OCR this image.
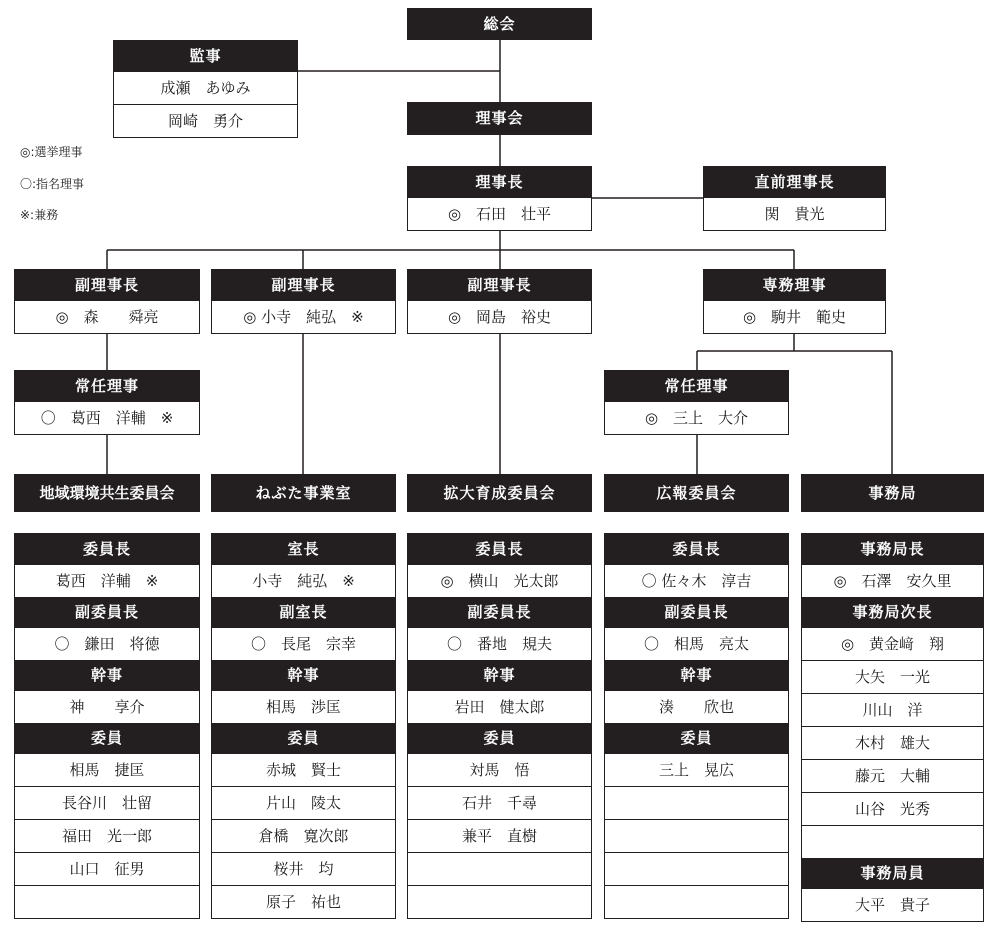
総会
理事会
監事
成瀬　あゆみ
岡崎　勇介
◎:選挙理事
〇:指名理事
※:兼務
理事長
◎　石田　壮平
直前理事長
関　貴光
副理事長
◎　森　　舜亮
副理事長
◎ 小寺　純弘　※
副理事長
◎　岡島　裕史
専務理事
◎　駒井　範史
常任理事
〇　葛西　洋輔　※
常任理事
◎　三上　大介
地域環境共生委員会	ねぶた事業室	拡大育成委員会	広報委員会	事務局
委員長
葛西　洋輔　※
副委員長
〇　鎌田　将徳
幹事
神　　享介
委員
相馬　捷匡
長谷川　壮留
福田　光一郎
山口　征男
室長
小寺　純弘　※
副室長
〇　長尾　宗幸
幹事
相馬　渉匡
委員
赤城　賢士
片山　陵太
倉橋　寛次郎
桜井　均
原子　祐也
委員長
◎　横山　光太郎
副委員長
〇　番地　規夫
幹事
岩田　健太郎
委員
対馬　悟
石井　千尋
兼平　直樹
委員長
〇 佐々木　淳吉
副委員長
〇　相馬　亮太
幹事
湊　　欣也
委員
三上　晃広
事務局長
◎　石澤　安久里
事務局次長
◎　黄金﨑　翔
大矢　一光
川山　洋
木村　雄大
藤元　大輔
山谷　光秀
事務局員
大平　貴子
